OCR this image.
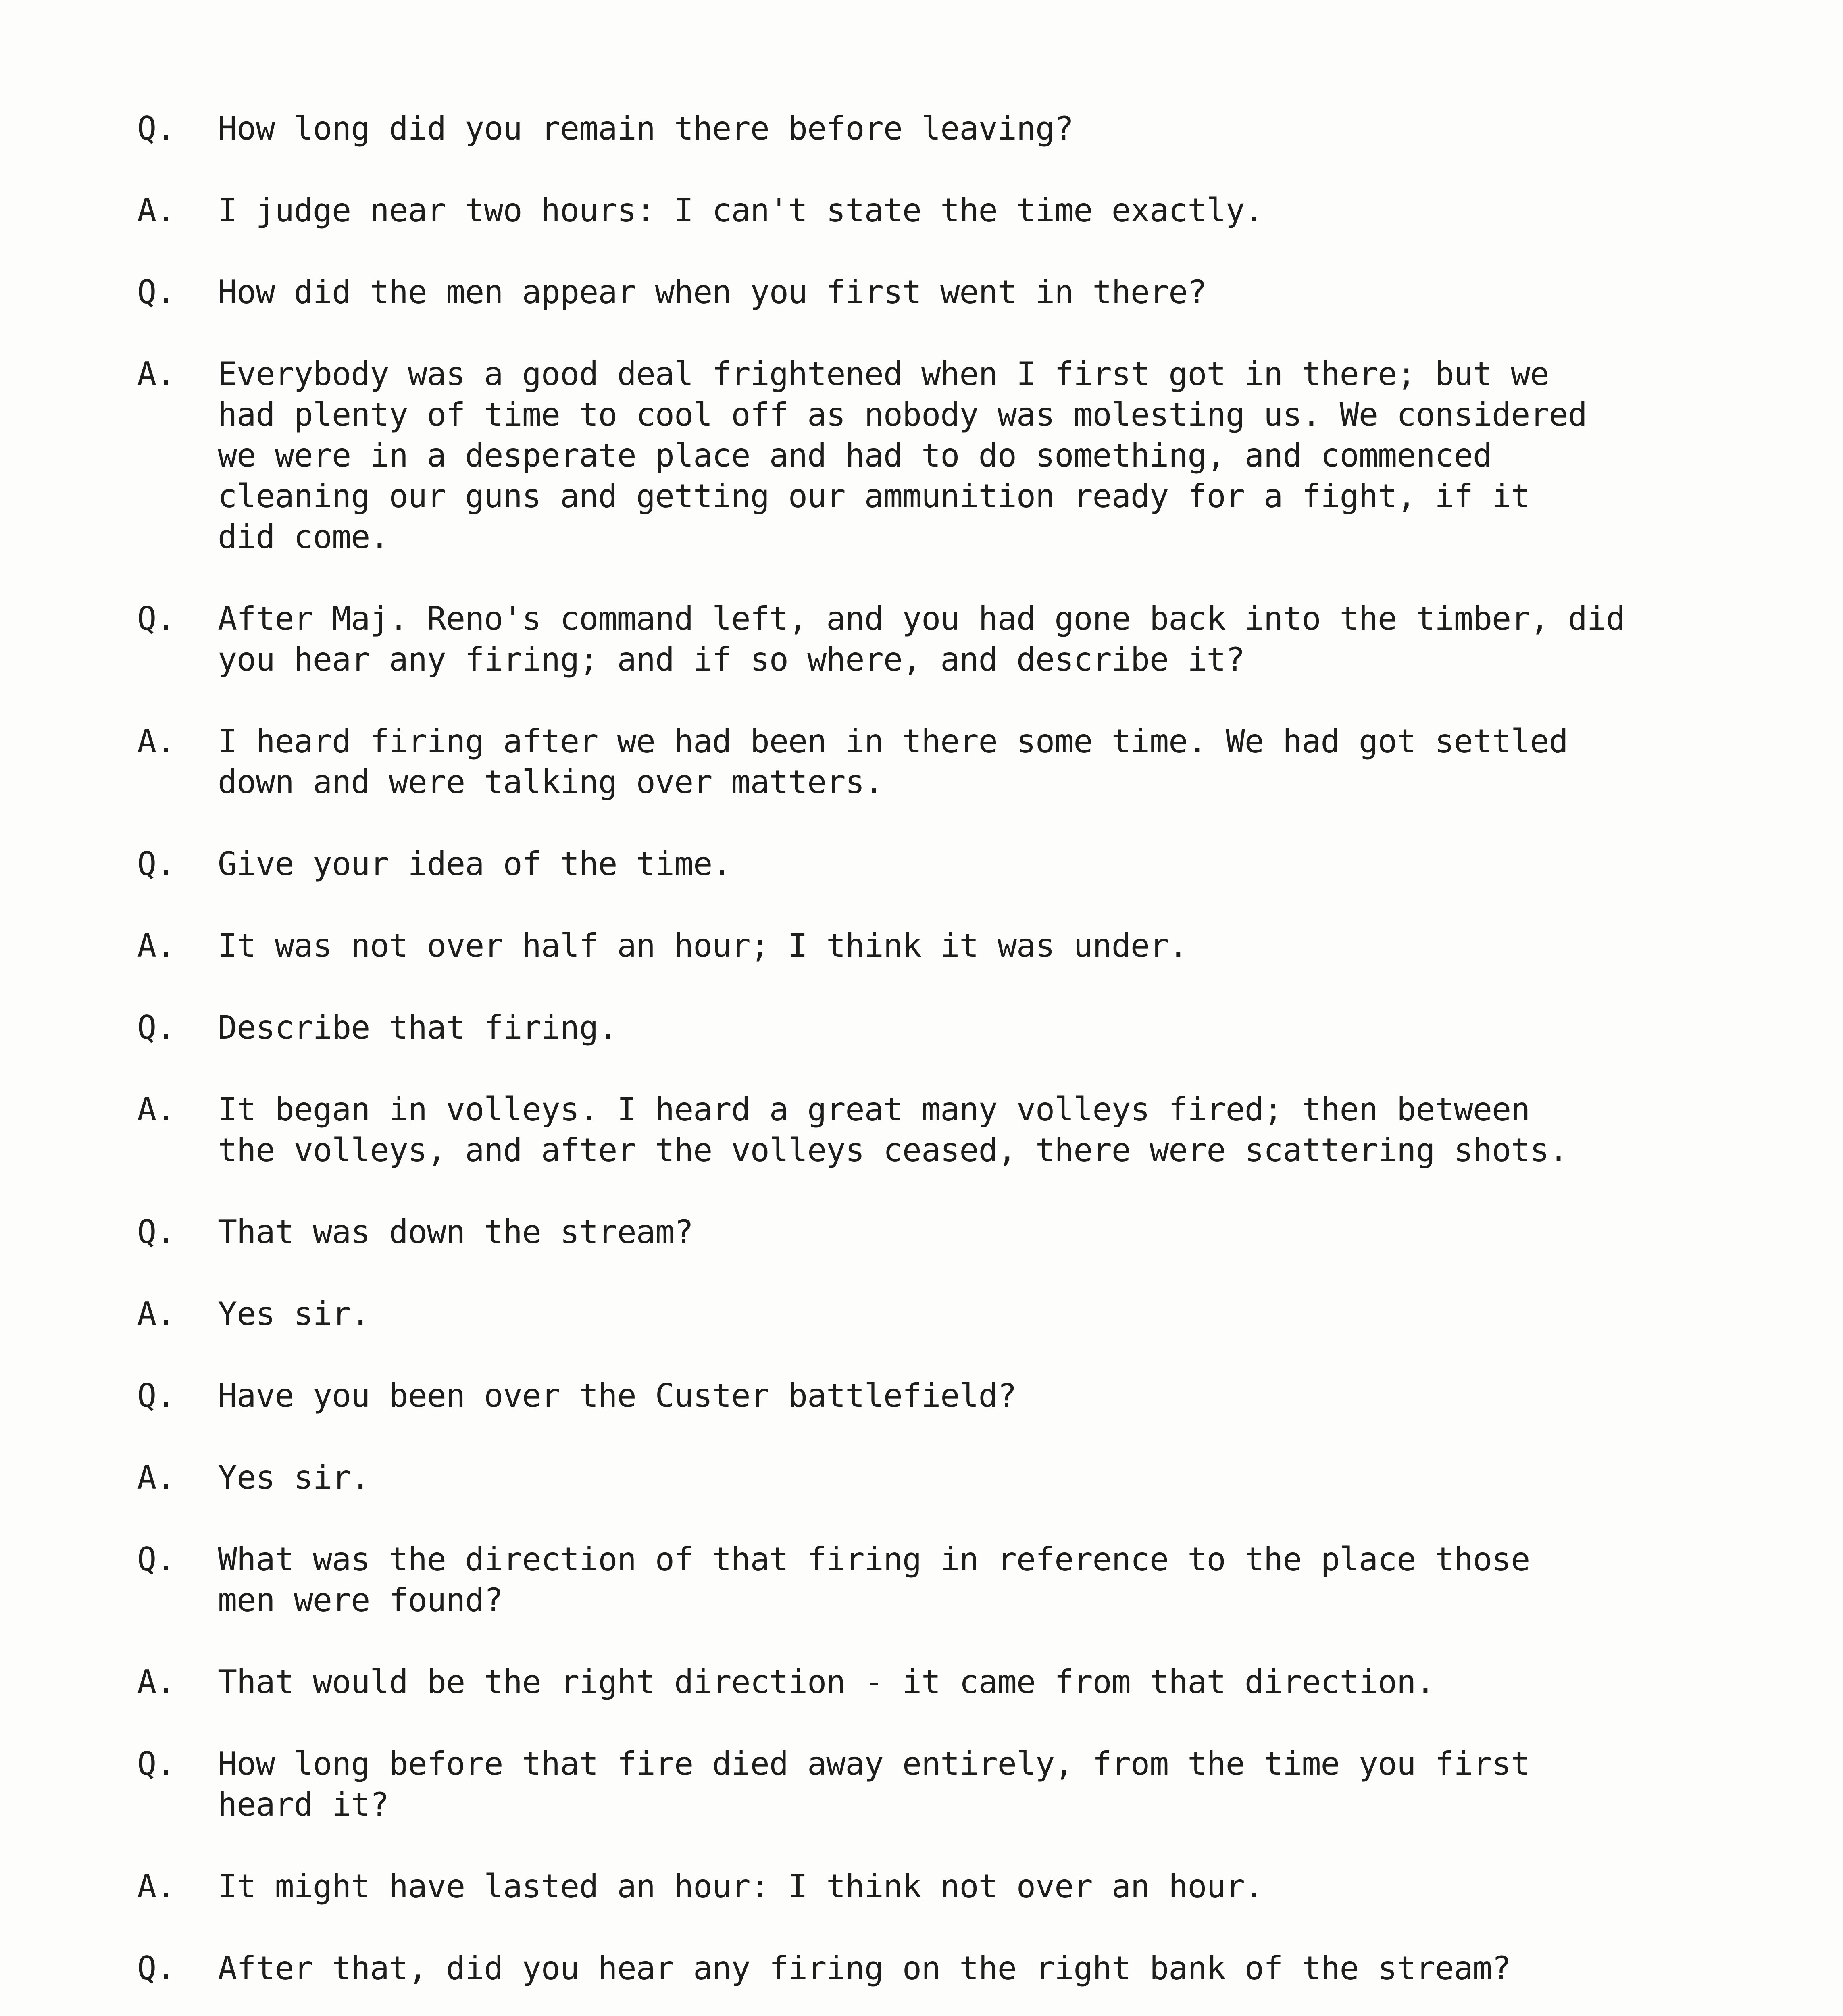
Q.	How long did you remain there before leaving?
A.	I judge near two hours: I can't state the time exactly.
Q.	How did the men appear when you first went in there?
A.	Everybody was a good deal frightened when I first got in there; but we
had plenty of time to cool off as nobody was molesting us. We considered
we were in a desperate place and had to do something, and commenced
cleaning our guns and getting our ammunition ready for a fight, if it
did come.
Q.	After Maj. Reno's command left, and you had gone back into the timber, did
you hear any firing; and if so where, and describe it?
A.	I heard firing after we had been in there some time. We had got settled
down and were talking over matters.
Q.	Give your idea of the time.
A.	It was not over half an hour; I think it was under.
Q.	Describe that firing.
A.	It began in volleys. I heard a great many volleys fired; then between
the volleys, and after the volleys ceased, there were scattering shots.
Q.	That was down the stream?
A.	Yes sir.
Q.	Have you been over the Custer battlefield?
A.	Yes sir.
Q.	What was the direction of that firing in reference to the place those
men were found?
A.	That would be the right direction - it came from that direction.
Q.	How long before that fire died away entirely, from the time you first
heard it?
A.	It might have lasted an hour: I think not over an hour.
Q.	After that, did you hear any firing on the right bank of the stream?
